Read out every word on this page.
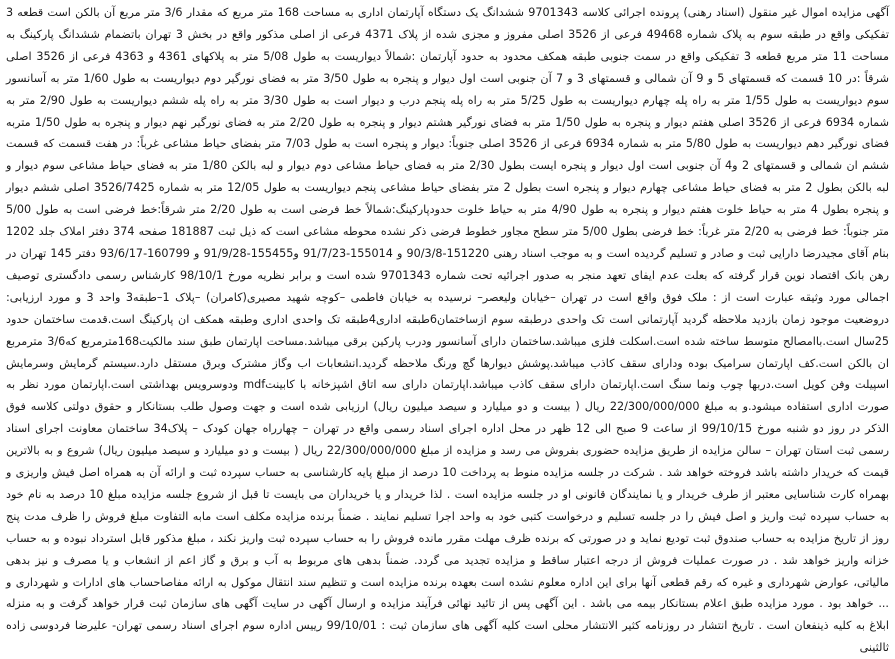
آگهی مزایده اموال غیر منقول (اسناد رهنی) پرونده اجرائی کلاسه 9701343 ششدانگ یک دستگاه آپارتمان اداری به مساحت 168 متر مربع که مقدار 3/6 متر مربع آن بالکن است قطعه 3 تفکیکی واقع در طبقه سوم به پلاک شماره 49468 فرعی از 3526 اصلی مفروز و مجزی شده از پلاک 4371 فرعی از اصلی مذکور واقع در بخش 3 تهران باتضمام ششدانگ پارکینگ به مساحت 11 متر مربع قطعه 3 تفکیکی واقع در سمت جنوبی طبقه همکف محدود به حدود آپارتمان :شمالاً دیواریست به طول 5/08 متر به پلاکهای 4361 و 4363 فرعی از 3526 اصلی شرقاً :در 10 قسمت که قسمتهای 5 و 9 آن شمالی و قسمتهای 3 و 7 آن جنوبی است اول دیوار و پنجره به طول 3/50 متر به فضای نورگیر دوم دیواریست به طول 1/60 متر به آسانسور سوم دیواریست به طول 1/55 متر به راه پله چهارم دیواریست به طول 5/25 متر به راه پله پنجم درب و دیوار است به طول 3/30 متر به راه پله ششم دیواریست به طول 2/90 متر به شماره 6934 فرعی از 3526 اصلی هفتم دیوار و پنجره به طول 1/50 متر به فضای نورگیر هشتم دیوار و پنجره به طول 2/20 متر به فضای نورگیر نهم دیوار و پنجره به طول 1/50 متربه فضای نورگیر دهم دیواریست به طول 5/80 متر به شماره 6934 فرعی از 3526 اصلی جنوباً: دیوار و پنجره است به طول 7/03 متر بفضای حیاط مشاعی غرباً: در هفت قسمت که قسمت ششم ان شمالی و قسمتهای 2 و4 آن جنوبی است اول دیوار و پنجره ایست بطول 2/30 متر به فضای حیاط مشاعی دوم دیوار و لبه بالکن 1/80 متر به فضای حیاط مشاعی سوم دیوار و لبه بالکن بطول 2 متر به فضای حیاط مشاعی چهارم دیوار و پنجره است بطول 2 متر بفضای حیاط مشاعی پنجم دیواریست به طول 12/05 متر به شماره 3526/7425 اصلی ششم دیوار و پنجره بطول 4 متر به حیاط خلوت هفتم دیوار و پنجره به طول 4/90 متر به حیاط خلوت حدودپارکینگ:شمالاً خط فرضی است به طول 2/20 متر شرقاً:خط فرضی است به طول 5/00 متر جنوباً: خط فرضی به 2/20 متر غرباً: خط فرضی بطول 5/00 متر سطح مجاور خطوط فرضی ذکر نشده محوطه مشاعی است که ذیل ثبت 181887 صفحه 374 دفتر املاک جلد 1202 بنام آقای مجیدرضا دارایی ثبت و صادر و تسلیم گردیده است و به موجب اسناد رهنی 151220-90/3/8 و 155014-91/7/23 و155455-91/9/28 و 160799-93/6/17 دفتر 145 تهران در رهن بانک اقتصاد نوین قرار گرفته که بعلت عدم ایفای تعهد منجر به صدور اجرائیه تحت شماره 9701343 شده است و برابر نظریه مورخ 98/10/1 کارشناس رسمی دادگستری توصیف اجمالی مورد وثیقه عبارت است از : ملک فوق واقع است در تهران –خیابان ولیعصر– نرسیده به خیابان فاطمی –کوچه شهید مصیری(کامران) –پلاک 1–طبقه3 واحد 3 و مورد ارزیابی: دروضعیت موجود زمان بازدید ملاحظه گردید آپارتمانی است تک واحدی درطبقه سوم ازساختمان6طبقه اداری4طبقه تک واحدی اداری وطبقه همکف ان پارکینگ است.قدمت ساختمان حدود 25سال است.باامصالح متوسط ساخته شده است.اسکلت فلزی میباشد.ساختمان دارای آسانسور ودرب پارکین برقی میباشد.مساحت اپارتمان طبق سند مالکیت168مترمربع که3/6 مترمربع ان بالکن است.کف اپارتمان سرامیک بوده ودارای سقف کاذب میباشد.پوشش دیوارها گچ ورنگ ملاحظه گردید.انشعابات اب وگاز مشترک وبرق مستقل دارد.سیستم گرمایش وسرمایش اسپیلت وفن کویل است.دربها چوب ونما سنگ است.اپارتمان دارای سقف کاذب میباشد.اپارتمان دارای سه اتاق اشپزخانه با کابینتmdf ودوسرویس بهداشتی است.اپارتمان مورد نظر به صورت اداری استفاده میشود.و به مبلغ 22/300/000/000 ریال ( بیست و دو میلیارد و سیصد میلیون ریال) ارزیابی شده است و جهت وصول طلب بستانکار و حقوق دولتی کلاسه فوق الذکر در روز دو شنبه مورخ 99/10/15 از ساعت 9 صبح الی 12 ظهر در محل اداره اجرای اسناد رسمی واقع در تهران – چهارراه جهان کودک – پلاک34 ساختمان معاونت اجرای اسناد رسمی ثبت استان تهران – سالن مزایده از طریق مزایده حضوری بفروش می رسد و مزایده از مبلغ 22/300/000/000 ریال ( بیست و دو میلیارد و سیصد میلیون ریال) شروع و به بالاترین قیمت که خریدار داشته باشد فروخته خواهد شد . شرکت در جلسه مزایده منوط به پرداخت 10 درصد از مبلغ پایه کارشناسی به حساب سپرده ثبت و ارائه آن به همراه اصل فیش واریزی و بهمراه کارت شناسایی معتبر از طرف خریدار و یا نمایندگان قانونی او در جلسه مزایده است . لذا خریدار و یا خریداران می بایست تا قبل از شروع جلسه مزایده مبلغ 10 درصد به نام خود به حساب سپرده ثبت واریز و اصل فیش را در جلسه تسلیم و درخواست کتبی خود به واحد اجرا تسلیم نمایند . ضمناً برنده مزایده مکلف است مابه التفاوت مبلغ فروش را ظرف مدت پنج روز از تاریخ مزایده به حساب صندوق ثبت تودیع نماید و در صورتی که برنده ظرف مهلت مقرر مانده فروش را به حساب سپرده ثبت واریز نکند ، مبلغ مذکور قابل استرداد نبوده و به حساب خزانه واریز خواهد شد . در صورت عملیات فروش از درجه اعتبار ساقط و مزایده تجدید می گردد. ضمناً بدهی های مربوط به آب و برق و گاز اعم از انشعاب و یا مصرف و نیز بدهی مالیاتی، عوارض شهرداری و غیره که رقم قطعی آنها برای این اداره معلوم نشده است بعهده برنده مزایده است و تنظیم سند انتقال موکول به ارائه مفاصاحساب های ادارات و شهرداری و ... خواهد بود . مورد مزایده طبق اعلام بستانکار بیمه می باشد . این آگهی پس از تائید نهائی فرآیند مزایده و ارسال آگهی در سایت آگهی های سازمان ثبت قرار خواهد گرفت و به منزله ابلاغ به کلیه ذینفعان است . تاریخ انتشار در روزنامه کثیر الانتشار محلی است کلیه آگهی های سازمان ثبت : 99/10/01 رییس اداره سوم اجرای اسناد رسمی تهران- علیرضا فردوسی زاده ثالثینی
